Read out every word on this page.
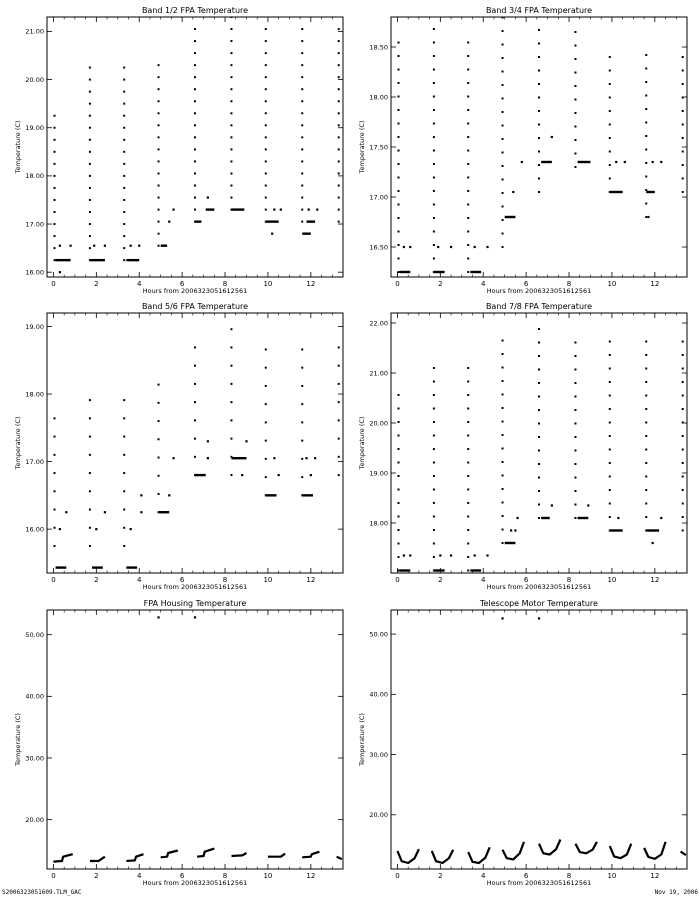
Band 1/2 FPA Temperature
Hours from 2006323051612561
Temperature (C)
0	2	4	6	8	10	12
16.00
17.00
18.00
19.00
20.00
21.00
Band 3/4 FPA Temperature
Hours from 2006323051612561
Temperature (C)
0	2	4	6	8	10	12
16.50
17.00
17.50
18.00
18.50
Band 5/6 FPA Temperature
Hours from 2006323051612561
Temperature (C)
0	2	4	6	8	10	12
16.00
17.00
18.00
19.00
Band 7/8 FPA Temperature
Hours from 2006323051612561
Temperature (C)
0	2	4	6	8	10	12
18.00
19.00
20.00
21.00
22.00
FPA Housing Temperature
Hours from 2006323051612561
Temperature (C)
0	2	4	6	8	10	12
20.00
30.00
40.00
50.00
Telescope Motor Temperature
Hours from 2006323051612561
Temperature (C)
0	2	4	6	8	10	12
20.00
30.00
40.00
50.00
S2006323051609.TLM_GAC	Nov 19, 2006
